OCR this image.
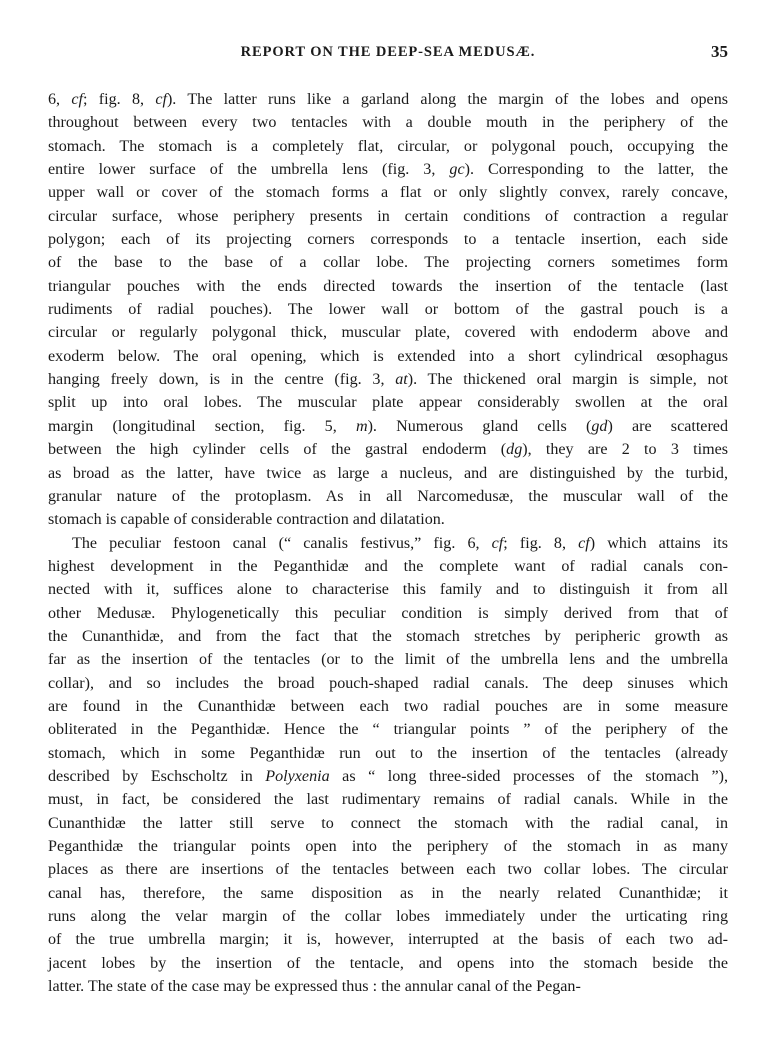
REPORT ON THE DEEP-SEA MEDUSÆ.	35
6, cf; fig. 8, cf). The latter runs like a garland along the margin of the lobes and opens
throughout between every two tentacles with a double mouth in the periphery of the
stomach. The stomach is a completely flat, circular, or polygonal pouch, occupying the
entire lower surface of the umbrella lens (fig. 3, gc). Corresponding to the latter, the
upper wall or cover of the stomach forms a flat or only slightly convex, rarely concave,
circular surface, whose periphery presents in certain conditions of contraction a regular
polygon; each of its projecting corners corresponds to a tentacle insertion, each side
of the base to the base of a collar lobe. The projecting corners sometimes form
triangular pouches with the ends directed towards the insertion of the tentacle (last
rudiments of radial pouches). The lower wall or bottom of the gastral pouch is a
circular or regularly polygonal thick, muscular plate, covered with endoderm above and
exoderm below. The oral opening, which is extended into a short cylindrical œsophagus
hanging freely down, is in the centre (fig. 3, at). The thickened oral margin is simple, not
split up into oral lobes. The muscular plate appear considerably swollen at the oral
margin (longitudinal section, fig. 5, m). Numerous gland cells (gd) are scattered
between the high cylinder cells of the gastral endoderm (dg), they are 2 to 3 times
as broad as the latter, have twice as large a nucleus, and are distinguished by the turbid,
granular nature of the protoplasm. As in all Narcomedusæ, the muscular wall of the
stomach is capable of considerable contraction and dilatation.
The peculiar festoon canal (“ canalis festivus,” fig. 6, cf; fig. 8, cf) which attains its
highest development in the Peganthidæ and the complete want of radial canals con-
nected with it, suffices alone to characterise this family and to distinguish it from all
other Medusæ. Phylogenetically this peculiar condition is simply derived from that of
the Cunanthidæ, and from the fact that the stomach stretches by peripheric growth as
far as the insertion of the tentacles (or to the limit of the umbrella lens and the umbrella
collar), and so includes the broad pouch-shaped radial canals. The deep sinuses which
are found in the Cunanthidæ between each two radial pouches are in some measure
obliterated in the Peganthidæ. Hence the “ triangular points ” of the periphery of the
stomach, which in some Peganthidæ run out to the insertion of the tentacles (already
described by Eschscholtz in Polyxenia as “ long three-sided processes of the stomach ”),
must, in fact, be considered the last rudimentary remains of radial canals. While in the
Cunanthidæ the latter still serve to connect the stomach with the radial canal, in
Peganthidæ the triangular points open into the periphery of the stomach in as many
places as there are insertions of the tentacles between each two collar lobes. The circular
canal has, therefore, the same disposition as in the nearly related Cunanthidæ; it
runs along the velar margin of the collar lobes immediately under the urticating ring
of the true umbrella margin; it is, however, interrupted at the basis of each two ad-
jacent lobes by the insertion of the tentacle, and opens into the stomach beside the
latter. The state of the case may be expressed thus : the annular canal of the Pegan-
